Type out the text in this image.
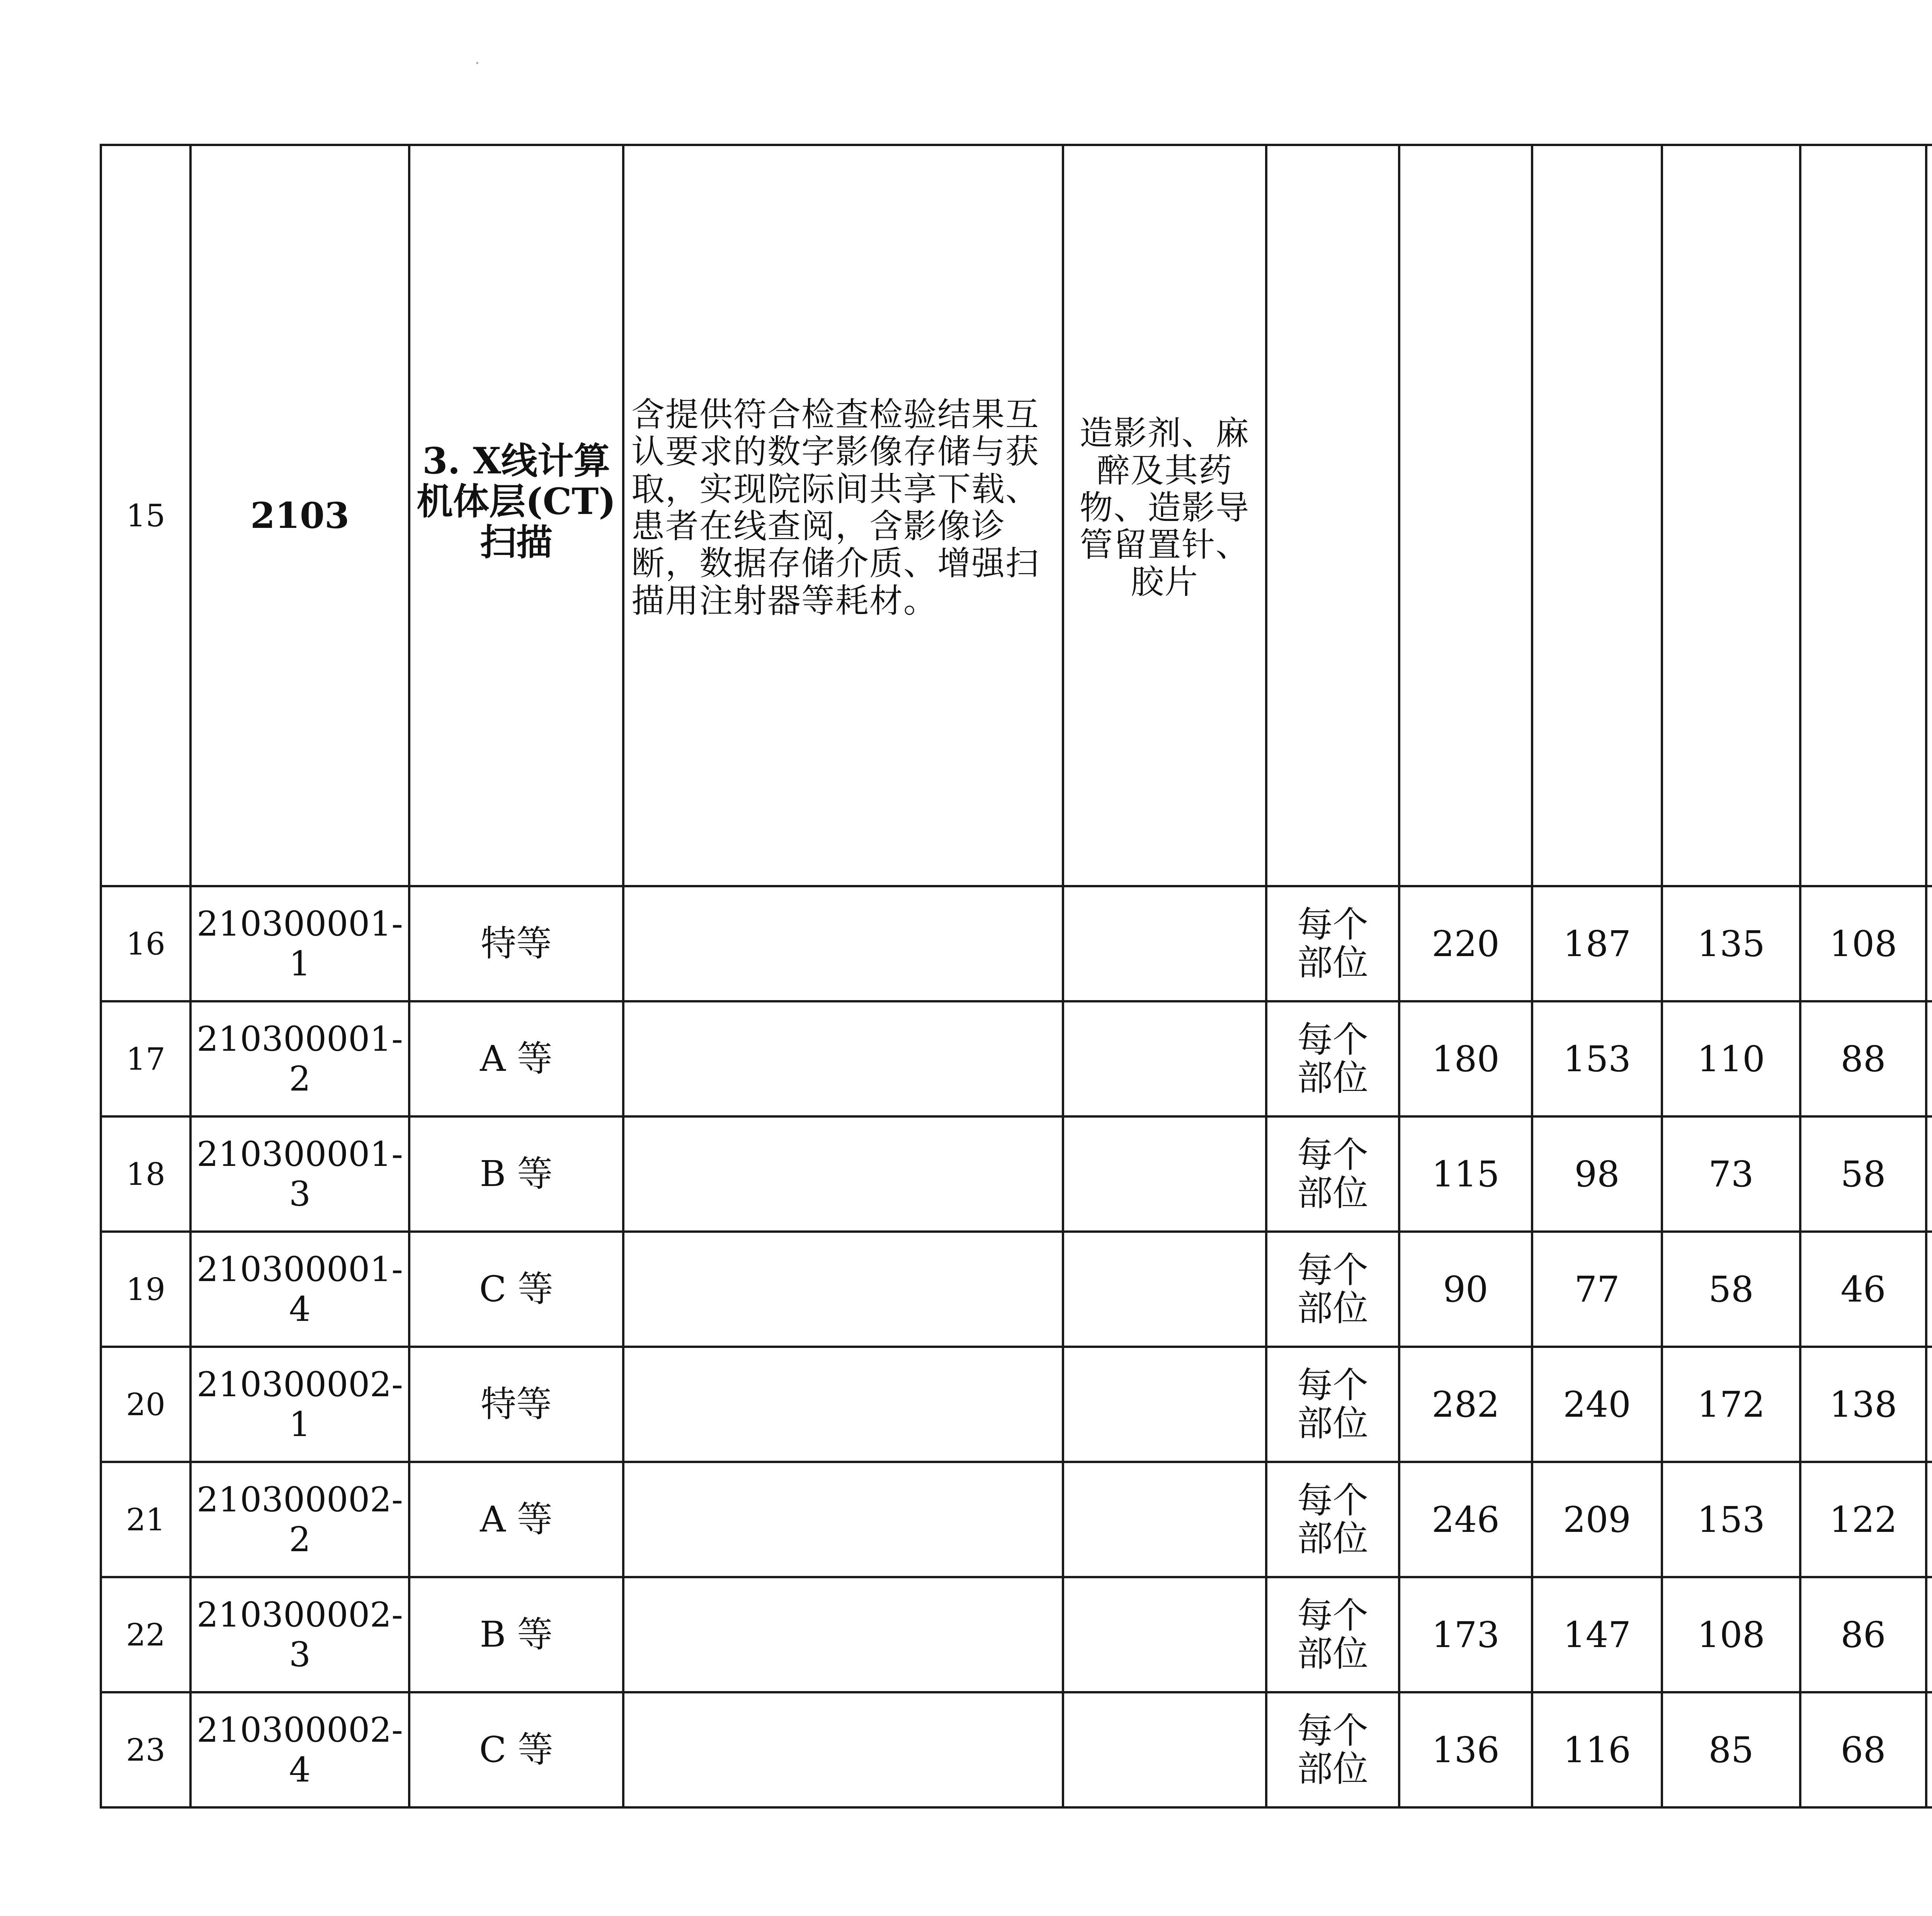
15	2103	3. X线计算机体层(CT)扫描	含提供符合检查检验结果互认要求的数字影像存储与获取，实现院际间共享下载、患者在线查阅，含影像诊断，数据存储介质、增强扫描用注射器等耗材。	造影剂、麻醉及其药物、造影导管留置针、胶片						
16	210300001-1	特等			每个部位	220	187	135	108	
17	210300001-2	A 等			每个部位	180	153	110	88	
18	210300001-3	B 等			每个部位	115	98	73	58	
19	210300001-4	C 等			每个部位	90	77	58	46	
20	210300002-1	特等			每个部位	282	240	172	138	
21	210300002-2	A 等			每个部位	246	209	153	122	
22	210300002-3	B 等			每个部位	173	147	108	86	
23	210300002-4	C 等			每个部位	136	116	85	68	
